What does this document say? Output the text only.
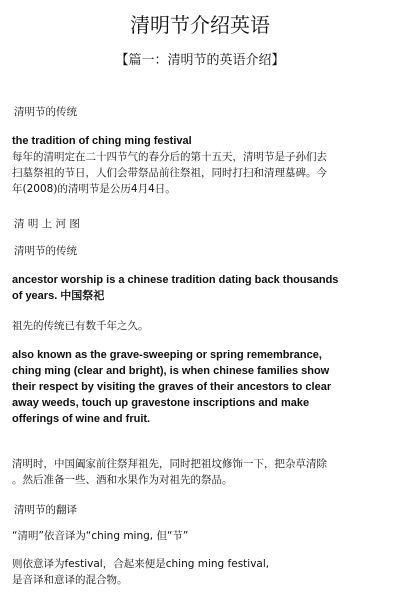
清明节介绍英语
【篇一：清明节的英语介绍】
清明节的传统
the tradition of ching ming festival
每年的清明定在二十四节气的春分后的第十五天，清明节是子孙们去
扫墓祭祖的节日，人们会带祭品前往祭祖，同时打扫和清理墓碑。今
年(2008)的清明节是公历4月4日。
清 明 上 河 图
清明节的传统
ancestor worship is a chinese tradition dating back thousands
of years. 中国祭祀
祖先的传统已有数千年之久。
also known as the grave-sweeping or spring remembrance,
ching ming (clear and bright), is when chinese families show
their respect by visiting the graves of their ancestors to clear
away weeds, touch up gravestone inscriptions and make
offerings of wine and fruit.
清明时，中国阖家前往祭拜祖先，同时把祖坟修饰一下，把杂草清除
。然后准备一些、酒和水果作为对祖先的祭品。
清明节的翻译
“清明”依音译为“ching ming, 但“节”
则依意译为festival，合起来便是ching ming festival,
是音译和意译的混合物。
